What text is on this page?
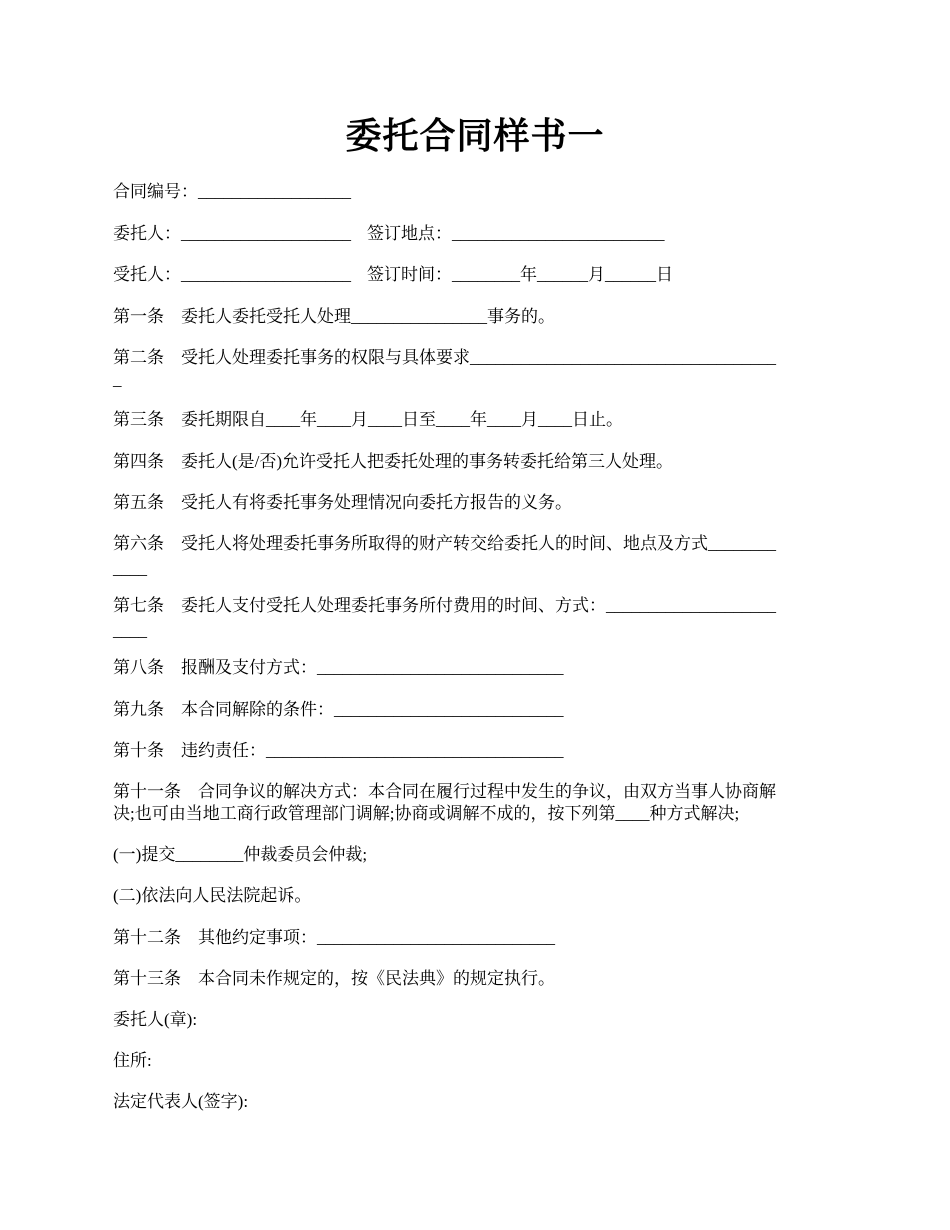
委托合同样书一

合同编号：__________________

委托人：____________________ 签订地点：_________________________

受托人：____________________ 签订时间：________年______月______日

第一条　委托人委托受托人处理________________事务的。

第二条　受托人处理委托事务的权限与具体要求____________________________________

_

第三条　委托期限自____年____月____日至____年____月____日止。

第四条　委托人(是/否)允许受托人把委托处理的事务转委托给第三人处理。

第五条　受托人有将委托事务处理情况向委托方报告的义务。

第六条　受托人将处理委托事务所取得的财产转交给委托人的时间、地点及方式________

____

第七条　委托人支付受托人处理委托事务所付费用的时间、方式：____________________

____

第八条　报酬及支付方式：_____________________________

第九条　本合同解除的条件：___________________________

第十条　违约责任：___________________________________

第十一条　合同争议的解决方式：本合同在履行过程中发生的争议，由双方当事人协商解

决;也可由当地工商行政管理部门调解;协商或调解不成的，按下列第____种方式解决;

(一)提交________仲裁委员会仲裁;

(二)依法向人民法院起诉。

第十二条　其他约定事项：____________________________

第十三条　本合同未作规定的，按《民法典》的规定执行。

委托人(章):

住所:

法定代表人(签字):
